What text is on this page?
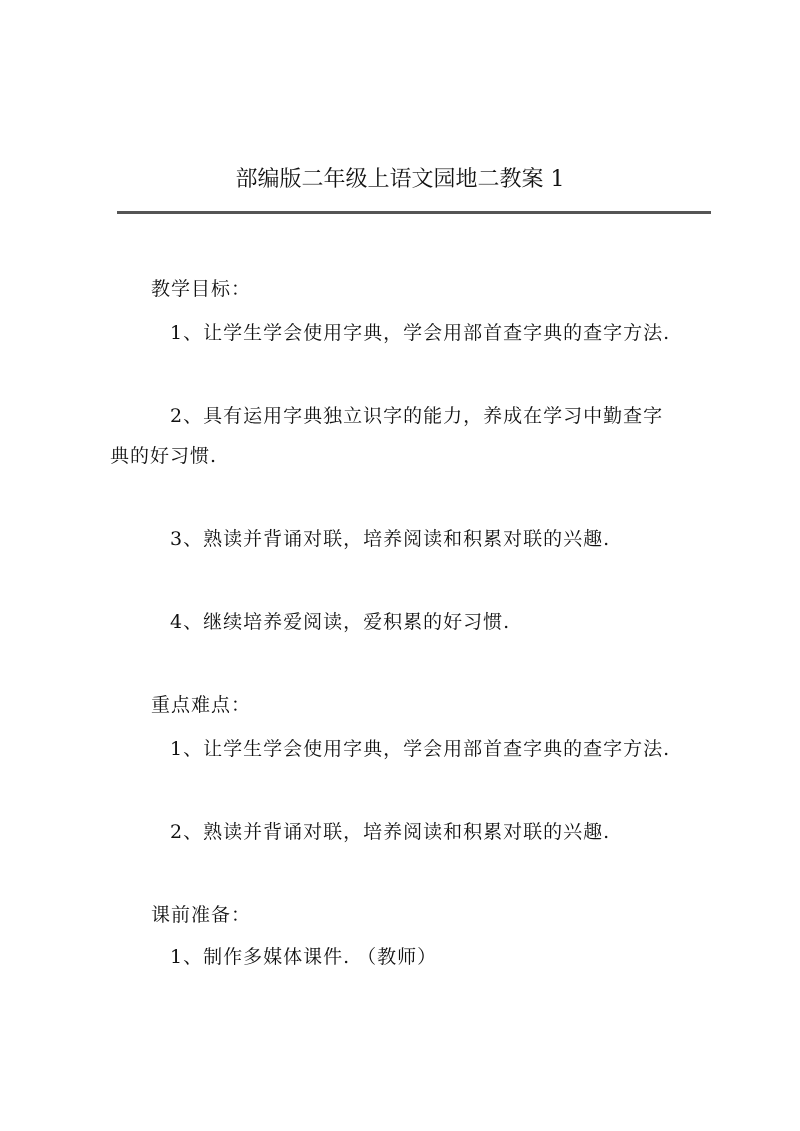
部编版二年级上语文园地二教案 1
教学目标：
1、让学生学会使用字典，学会用部首查字典的查字方法.
2、具有运用字典独立识字的能力，养成在学习中勤查字
典的好习惯.
3、熟读并背诵对联，培养阅读和积累对联的兴趣.
4、继续培养爱阅读，爱积累的好习惯.
重点难点：
1、让学生学会使用字典，学会用部首查字典的查字方法.
2、熟读并背诵对联，培养阅读和积累对联的兴趣.
课前准备：
1、制作多媒体课件. （教师）
